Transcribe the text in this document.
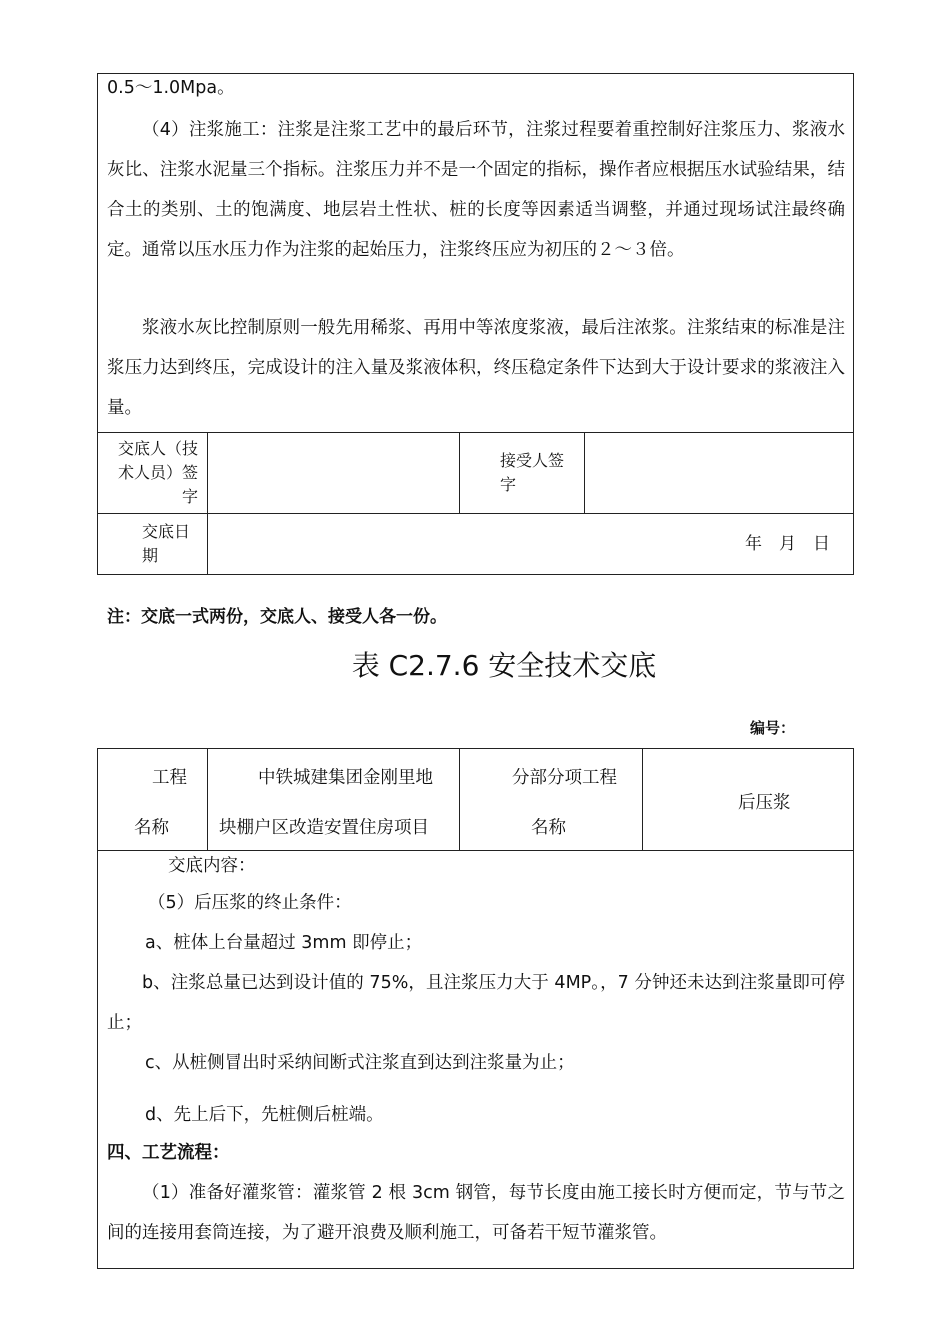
0.5～1.0Mpa。

（4）注浆施工：注浆是注浆工艺中的最后环节，注浆过程要着重控制好注浆压力、浆液水灰比、注浆水泥量三个指标。注浆压力并不是一个固定的指标，操作者应根据压水试验结果，结合土的类别、土的饱满度、地层岩土性状、桩的长度等因素适当调整，并通过现场试注最终确定。通常以压水压力作为注浆的起始压力，注浆终压应为初压的２～３倍。

浆液水灰比控制原则一般先用稀浆、再用中等浓度浆液，最后注浓浆。注浆结束的标准是注浆压力达到终压，完成设计的注入量及浆液体积，终压稳定条件下达到大于设计要求的浆液注入量。

交底人（技术人员）签字
接受人签字
交底日期
年　月　日
注：交底一式两份，交底人、接受人各一份。
表 C2.7.6 安全技术交底
编号：
工程
名称
中铁城建集团金刚里地
块棚户区改造安置住房项目
分部分项工程
名称
后压浆
交底内容：

（5）后压浆的终止条件：

a、桩体上台量超过 3mm 即停止；

b、注浆总量已达到设计值的 75%，且注浆压力大于 4MP。，7 分钟还未达到注浆量即可停止；

c、从桩侧冒出时采纳间断式注浆直到达到注浆量为止；

d、先上后下，先桩侧后桩端。

四、工艺流程：

（1）准备好灌浆管：灌浆管 2 根 3cm 钢管，每节长度由施工接长时方便而定，节与节之间的连接用套筒连接，为了避开浪费及顺利施工，可备若干短节灌浆管。
